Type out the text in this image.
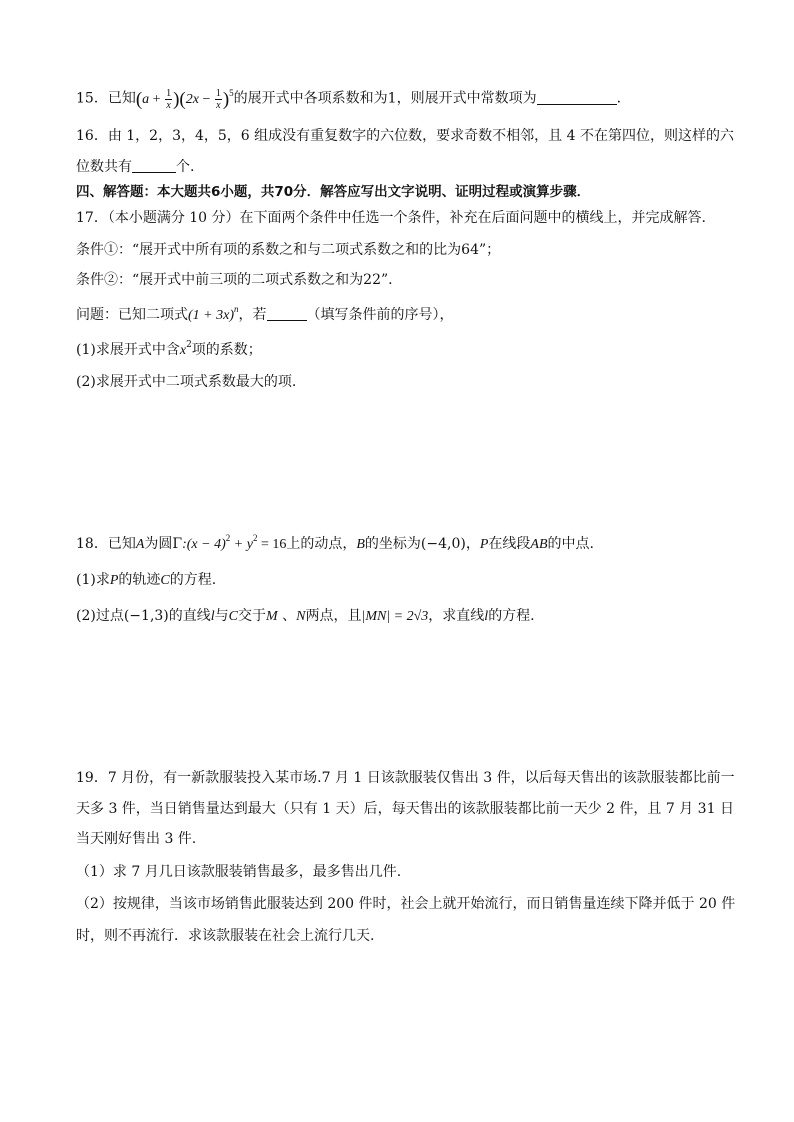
15．已知$(a + \frac{1}{x} )(2x - \frac{1}{x} )^5$的展开式中各项系数和为1，则展开式中常数项为	.
16．由 1，2，3，4，5，6 组成没有重复数字的六位数，要求奇数不相邻，且 4 不在第四位，则这样的六
位数共有	个.
四、解答题：本大题共6小题，共70分．解答应写出文字说明、证明过程或演算步骤．
17．（本小题满分 10 分）在下面两个条件中任选一个条件，补充在后面问题中的横线上，并完成解答.
条件①：“展开式中所有项的系数之和与二项式系数之和的比为64”；
条件②：“展开式中前三项的二项式系数之和为22”.
问题：已知二项式$(1 + 3x)^n$，若	（填写条件前的序号），
(1)求展开式中含$x^2$项的系数；
(2)求展开式中二项式系数最大的项.
18．已知A为圆Γ:(x − $4)^2 + y^2 = 16$上的动点，B的坐标为(−4,0)，P在线段AB的中点.
(1)求P的轨迹C的方程.
(2)过点(−1,3)的直线l与C交于M 、N两点，且|MN| = 2√3，求直线l的方程.
19．7 月份，有一新款服装投入某市场.7 月 1 日该款服装仅售出 3 件，以后每天售出的该款服装都比前一
天多 3 件，当日销售量达到最大（只有 1 天）后，每天售出的该款服装都比前一天少 2 件，且 7 月 31 日
当天刚好售出 3 件.
（1）求 7 月几日该款服装销售最多，最多售出几件.
（2）按规律，当该市场销售此服装达到 200 件时，社会上就开始流行，而日销售量连续下降并低于 20 件
时，则不再流行．求该款服装在社会上流行几天.
